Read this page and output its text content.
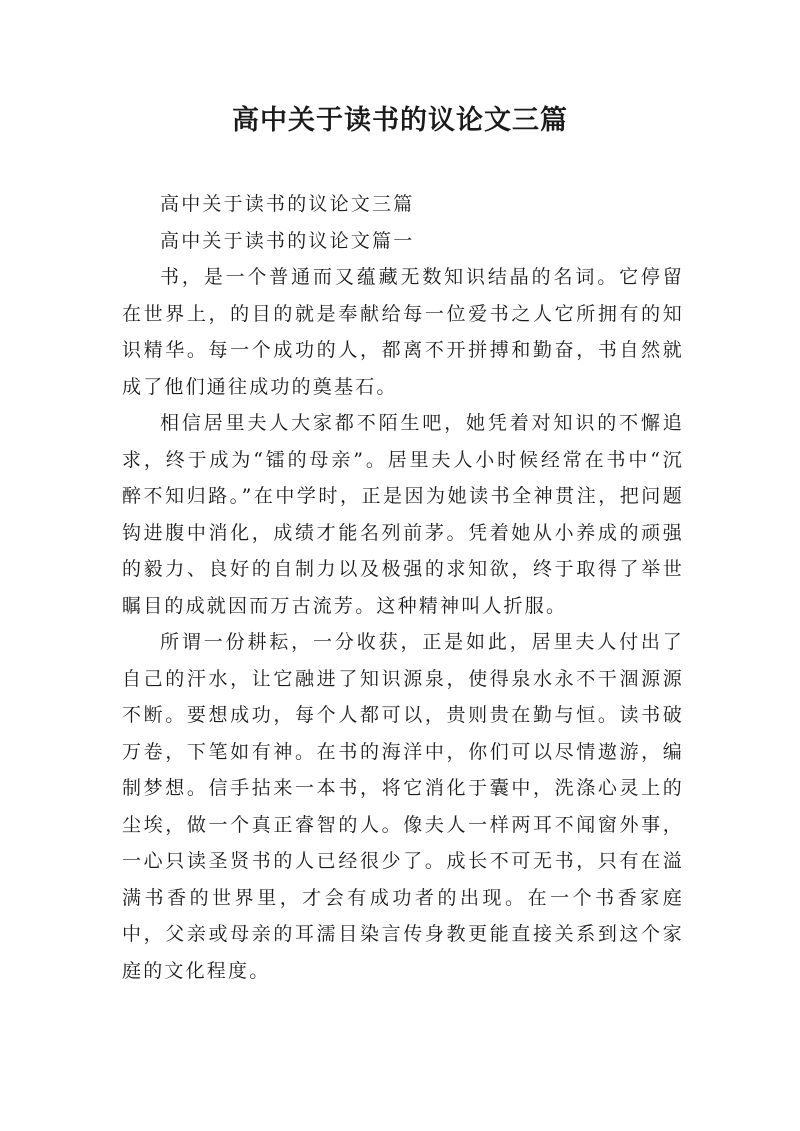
高中关于读书的议论文三篇

高中关于读书的议论文三篇

高中关于读书的议论文篇一

书，是一个普通而又蕴藏无数知识结晶的名词。它停留在世界上，的目的就是奉献给每一位爱书之人它所拥有的知识精华。每一个成功的人，都离不开拼搏和勤奋，书自然就成了他们通往成功的奠基石。

相信居里夫人大家都不陌生吧，她凭着对知识的不懈追求，终于成为“镭的母亲”。居里夫人小时候经常在书中“沉醉不知归路。”在中学时，正是因为她读书全神贯注，把问题钩进腹中消化，成绩才能名列前茅。凭着她从小养成的顽强的毅力、良好的自制力以及极强的求知欲，终于取得了举世瞩目的成就因而万古流芳。这种精神叫人折服。

所谓一份耕耘，一分收获，正是如此，居里夫人付出了自己的汗水，让它融进了知识源泉，使得泉水永不干涸源源不断。要想成功，每个人都可以，贵则贵在勤与恒。读书破万卷，下笔如有神。在书的海洋中，你们可以尽情遨游，编制梦想。信手拈来一本书，将它消化于囊中，洗涤心灵上的尘埃，做一个真正睿智的人。像夫人一样两耳不闻窗外事，一心只读圣贤书的人已经很少了。成长不可无书，只有在溢满书香的世界里，才会有成功者的出现。在一个书香家庭中，父亲或母亲的耳濡目染言传身教更能直接关系到这个家庭的文化程度。
